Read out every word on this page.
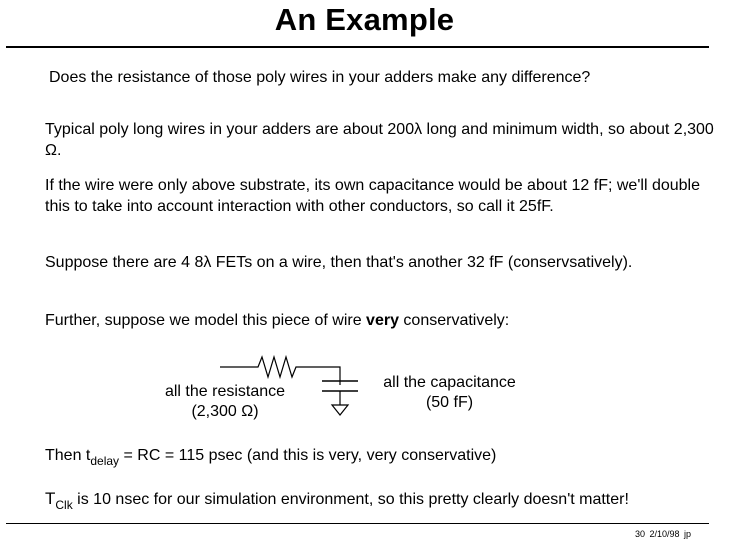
An Example
Does the resistance of those poly wires in your adders make any difference?
Typical poly long wires in your adders are about 200λ long and minimum width, so about 2,300 Ω.
If the wire were only above substrate, its own capacitance would be about 12 fF; we'll double this to take into account interaction with other conductors, so call it 25fF.
Suppose there are 4 8λ FETs on a wire, then that's another 32 fF (conservsatively).
Further, suppose we model this piece of wire very conservatively:
all the resistance
(2,300 Ω)
all the capacitance
(50 fF)
Then $t_{delay}$ = RC = 115 psec (and this is very, very conservative)
$T_{Clk}$ is 10 nsec for our simulation environment, so this pretty clearly doesn't matter!
30 2/10/98 jp
